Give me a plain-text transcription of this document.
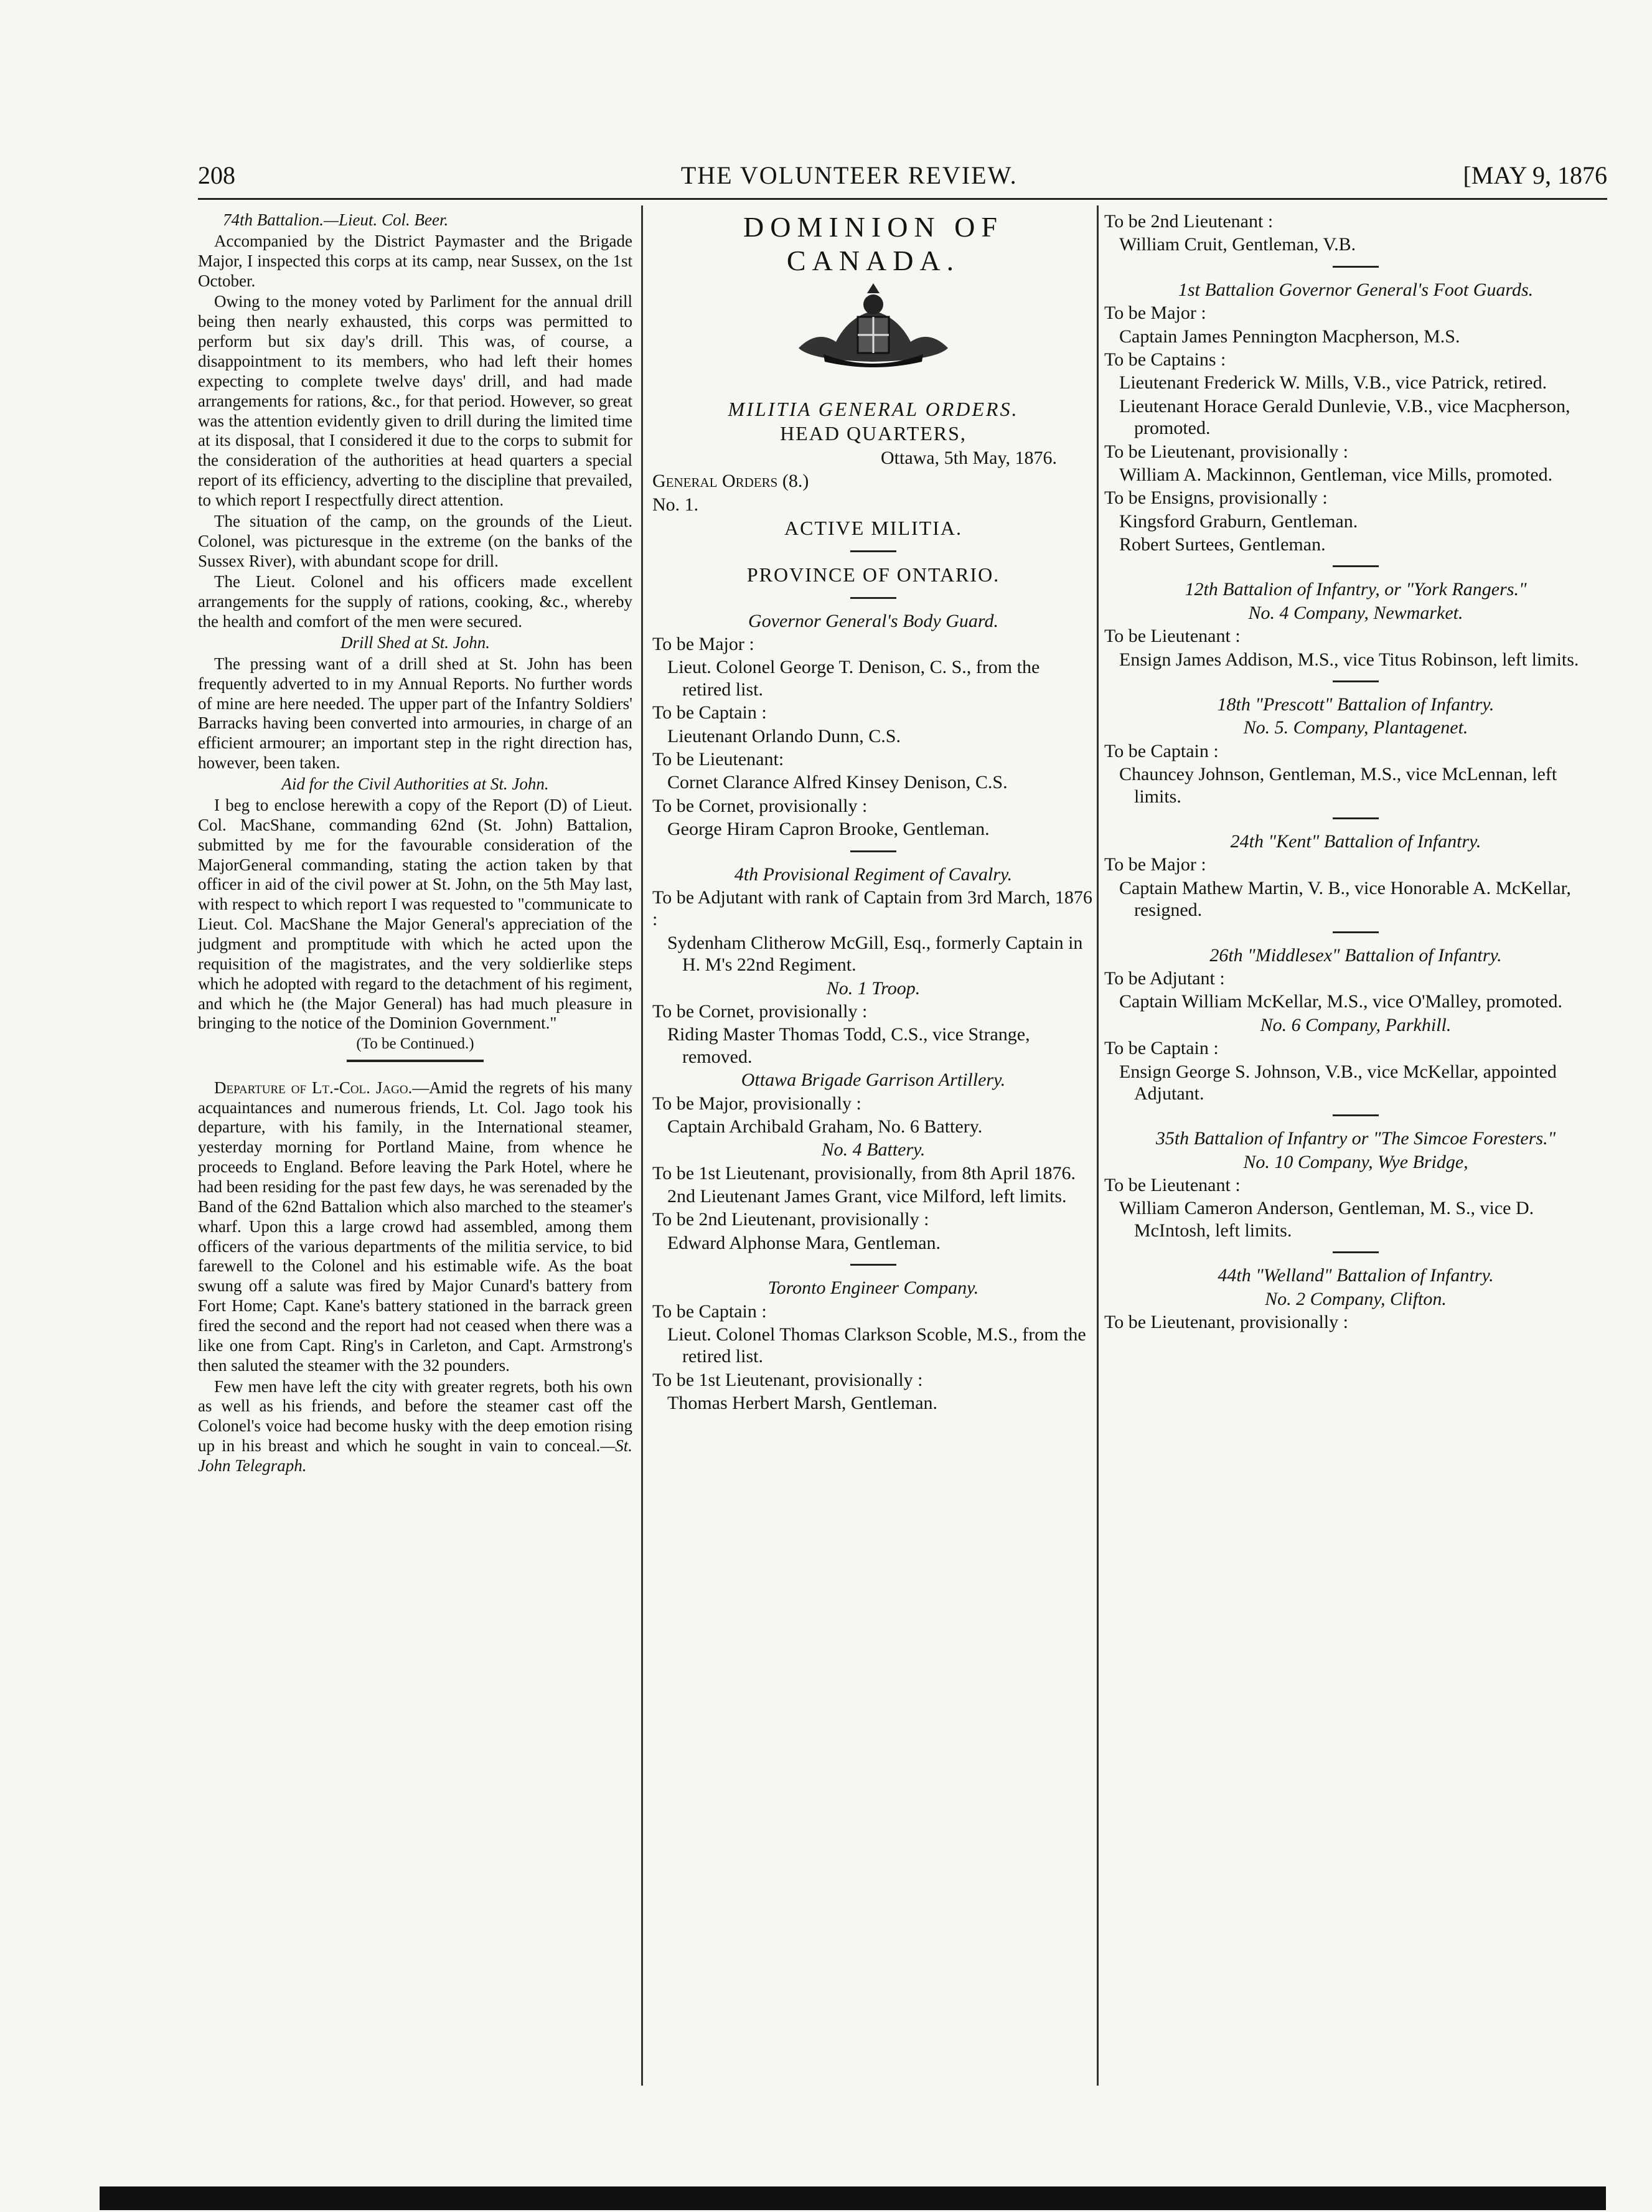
208	THE VOLUNTEER REVIEW.	[MAY 9, 1876

74th Battalion.—Lieut. Col. Beer.

Accompanied by the District Paymaster and the Brigade Major, I inspected this corps at its camp, near Sussex, on the 1st October.

Owing to the money voted by Parliment for the annual drill being then nearly exhausted, this corps was permitted to perform but six day's drill. This was, of course, a disappointment to its members, who had left their homes expecting to complete twelve days' drill, and had made arrangements for rations, &c., for that period. However, so great was the attention evidently given to drill during the limited time at its disposal, that I considered it due to the corps to submit for the consideration of the authorities at head quarters a special report of its efficiency, adverting to the discipline that prevailed, to which report I respectfully direct attention.

The situation of the camp, on the grounds of the Lieut. Colonel, was picturesque in the extreme (on the banks of the Sussex River), with abundant scope for drill.

The Lieut. Colonel and his officers made excellent arrangements for the supply of rations, cooking, &c., whereby the health and comfort of the men were secured.

Drill Shed at St. John.

The pressing want of a drill shed at St. John has been frequently adverted to in my Annual Reports. No further words of mine are here needed. The upper part of the Infantry Soldiers' Barracks having been converted into armouries, in charge of an efficient armourer; an important step in the right direction has, however, been taken.

Aid for the Civil Authorities at St. John.

I beg to enclose herewith a copy of the Report (D) of Lieut. Col. MacShane, commanding 62nd (St. John) Battalion, submitted by me for the favourable consideration of the MajorGeneral commanding, stating the action taken by that officer in aid of the civil power at St. John, on the 5th May last, with respect to which report I was requested to "communicate to Lieut. Col. MacShane the Major General's appreciation of the judgment and promptitude with which he acted upon the requisition of the magistrates, and the very soldierlike steps which he adopted with regard to the detachment of his regiment, and which he (the Major General) has had much pleasure in bringing to the notice of the Dominion Government."

(To be Continued.)

Departure of Lt.-Col. Jago.—Amid the regrets of his many acquaintances and numerous friends, Lt. Col. Jago took his departure, with his family, in the International steamer, yesterday morning for Portland Maine, from whence he proceeds to England. Before leaving the Park Hotel, where he had been residing for the past few days, he was serenaded by the Band of the 62nd Battalion which also marched to the steamer's wharf. Upon this a large crowd had assembled, among them officers of the various departments of the militia service, to bid farewell to the Colonel and his estimable wife. As the boat swung off a salute was fired by Major Cunard's battery from Fort Home; Capt. Kane's battery stationed in the barrack green fired the second and the report had not ceased when there was a like one from Capt. Ring's in Carleton, and Capt. Armstrong's then saluted the steamer with the 32 pounders.

Few men have left the city with greater regrets, both his own as well as his friends, and before the steamer cast off the Colonel's voice had become husky with the deep emotion rising up in his breast and which he sought in vain to conceal.—St. John Telegraph.

DOMINION OF CANADA.

MILITIA GENERAL ORDERS.

HEAD QUARTERS,

Ottawa, 5th May, 1876.

General Orders (8.)

No. 1.

ACTIVE MILITIA.

PROVINCE OF ONTARIO.

Governor General's Body Guard.

To be Major :

Lieut. Colonel George T. Denison, C. S., from the retired list.

To be Captain :

Lieutenant Orlando Dunn, C.S.

To be Lieutenant:

Cornet Clarance Alfred Kinsey Denison, C.S.

To be Cornet, provisionally :

George Hiram Capron Brooke, Gentleman.

4th Provisional Regiment of Cavalry.

To be Adjutant with rank of Captain from 3rd March, 1876 :

Sydenham Clitherow McGill, Esq., formerly Captain in H. M's 22nd Regiment.

No. 1 Troop.

To be Cornet, provisionally :

Riding Master Thomas Todd, C.S., vice Strange, removed.

Ottawa Brigade Garrison Artillery.

To be Major, provisionally :

Captain Archibald Graham, No. 6 Battery.

No. 4 Battery.

To be 1st Lieutenant, provisionally, from 8th April 1876.

2nd Lieutenant James Grant, vice Milford, left limits.

To be 2nd Lieutenant, provisionally :

Edward Alphonse Mara, Gentleman.

Toronto Engineer Company.

To be Captain :

Lieut. Colonel Thomas Clarkson Scoble, M.S., from the retired list.

To be 1st Lieutenant, provisionally :

Thomas Herbert Marsh, Gentleman.

To be 2nd Lieutenant :

William Cruit, Gentleman, V.B.

1st Battalion Governor General's Foot Guards.

To be Major :

Captain James Pennington Macpherson, M.S.

To be Captains :

Lieutenant Frederick W. Mills, V.B., vice Patrick, retired.

Lieutenant Horace Gerald Dunlevie, V.B., vice Macpherson, promoted.

To be Lieutenant, provisionally :

William A. Mackinnon, Gentleman, vice Mills, promoted.

To be Ensigns, provisionally :

Kingsford Graburn, Gentleman.

Robert Surtees, Gentleman.

12th Battalion of Infantry, or "York Rangers."

No. 4 Company, Newmarket.

To be Lieutenant :

Ensign James Addison, M.S., vice Titus Robinson, left limits.

18th "Prescott" Battalion of Infantry.

No. 5. Company, Plantagenet.

To be Captain :

Chauncey Johnson, Gentleman, M.S., vice McLennan, left limits.

24th "Kent" Battalion of Infantry.

To be Major :

Captain Mathew Martin, V. B., vice Honorable A. McKellar, resigned.

26th "Middlesex" Battalion of Infantry.

To be Adjutant :

Captain William McKellar, M.S., vice O'Malley, promoted.

No. 6 Company, Parkhill.

To be Captain :

Ensign George S. Johnson, V.B., vice McKellar, appointed Adjutant.

35th Battalion of Infantry or "The Simcoe Foresters."

No. 10 Company, Wye Bridge,

To be Lieutenant :

William Cameron Anderson, Gentleman, M. S., vice D. McIntosh, left limits.

44th "Welland" Battalion of Infantry.

No. 2 Company, Clifton.

To be Lieutenant, provisionally :
